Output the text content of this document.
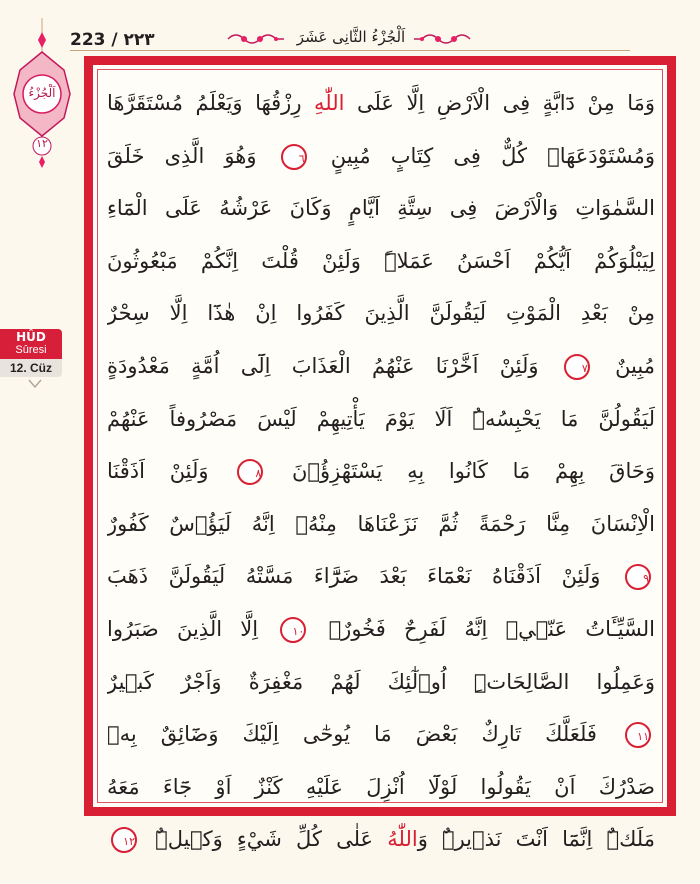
223 / ٢٢٣	اَلْجُزْءُ الثَّانِى عَشَرَ
اَلْجُزْءُ
١٢
HÛD
Sûresi
12. Cüz
وَمَا مِنْ دَٓابَّةٍ فِى الْاَرْضِ اِلَّا عَلَى اللّٰهِ رِزْقُهَا وَيَعْلَمُ مُسْتَقَرَّهَا
وَمُسْتَوْدَعَهَاۜ كُلٌّ فِى كِتَابٍ مُبِينٍ ٦ وَهُوَ الَّذِى خَلَقَ
السَّمٰوَاتِ وَالْاَرْضَ فِى سِتَّةِ اَيَّامٍ وَكَانَ عَرْشُهُ عَلَى الْمَٓاءِ
لِيَبْلُوَكُمْ اَيُّكُمْ اَحْسَنُ عَمَلاًۜ وَلَئِنْ قُلْتَ اِنَّكُمْ مَبْعُوثُونَ
مِنْ بَعْدِ الْمَوْتِ لَيَقُولَنَّ الَّذِينَ كَفَرُوا اِنْ هٰذَٓا اِلَّا سِحْرٌ
مُبِينٌ ٧ وَلَئِنْ اَخَّرْنَا عَنْهُمُ الْعَذَابَ اِلَٓى اُمَّةٍ مَعْدُودَةٍ
لَيَقُولُنَّ مَا يَحْبِسُهُۜ اَلَا يَوْمَ يَأْتِيهِمْ لَيْسَ مَصْرُوفاً عَنْهُمْ
وَحَاقَ بِهِمْ مَا كَانُوا بِهِ يَسْتَهْزِؤُ۫نَ ٨ وَلَئِنْ اَذَقْنَا
الْاِنْسَانَ مِنَّا رَحْمَةً ثُمَّ نَزَعْنَاهَا مِنْهُۚ اِنَّهُ لَيَؤُ۫سٌ كَفُورٌ
٩ وَلَئِنْ اَذَقْنَاهُ نَعْمَٓاءَ بَعْدَ ضَرَّٓاءَ مَسَّتْهُ لَيَقُولَنَّ ذَهَبَ
السَّيِّـَٔاتُ عَنّ۪يۜ اِنَّهُ لَفَرِحٌ فَخُورٌۙ ١٠ اِلَّا الَّذِينَ صَبَرُوا
وَعَمِلُوا الصَّالِحَاتِۜ اُو۬لٰٓئِكَ لَهُمْ مَغْفِرَةٌ وَاَجْرٌ كَب۪يرٌ
١١ فَلَعَلَّكَ تَارِكٌ بَعْضَ مَا يُوحٰٓى اِلَيْكَ وَضَٓائِقٌ بِه۪
صَدْرُكَ اَنْ يَقُولُوا لَوْلَٓا اُنْزِلَ عَلَيْهِ كَنْزٌ اَوْ جَٓاءَ مَعَهُ
مَلَكٌۜ اِنَّمَٓا اَنْتَ نَذ۪يرٌۜ وَاللّٰهُ عَلٰى كُلِّ شَيْءٍ وَك۪يلٌۜ ١٢
